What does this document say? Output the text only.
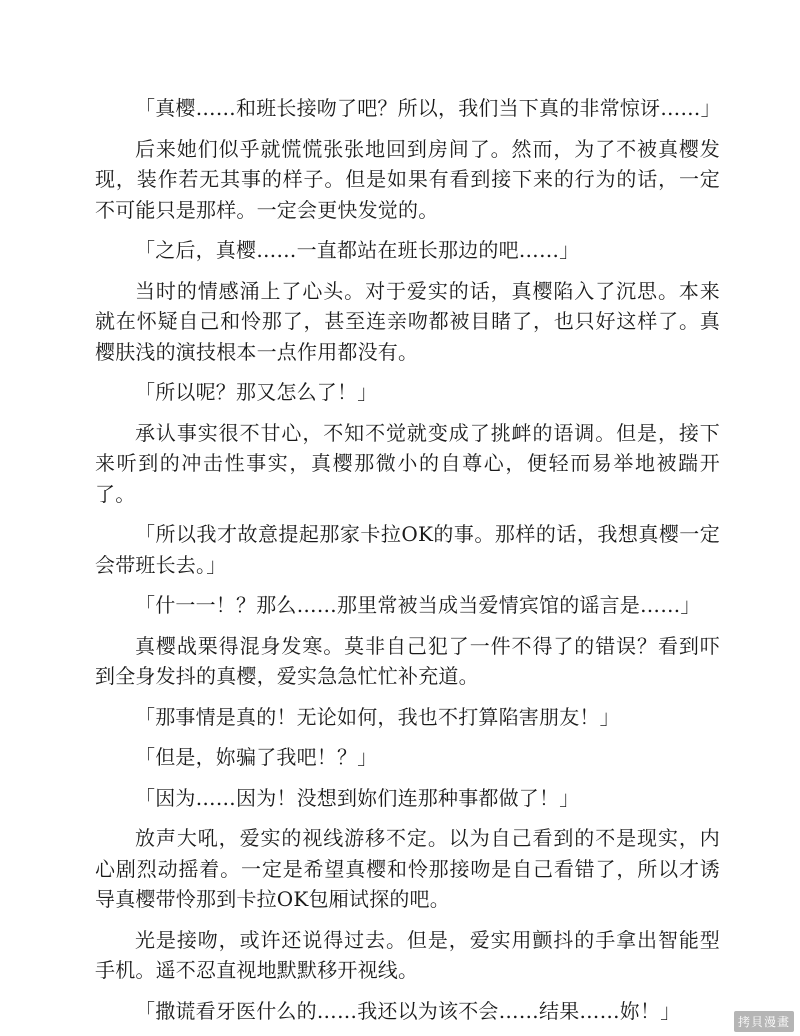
「真樱……和班长接吻了吧？所以，我们当下真的非常惊讶……」

后来她们似乎就慌慌张张地回到房间了。然而，为了不被真樱发现，装作若无其事的样子。但是如果有看到接下来的行为的话，一定不可能只是那样。一定会更快发觉的。

「之后，真樱……一直都站在班长那边的吧……」

当时的情感涌上了心头。对于爱实的话，真樱陷入了沉思。本来就在怀疑自己和怜那了，甚至连亲吻都被目睹了，也只好这样了。真樱肤浅的演技根本一点作用都没有。

「所以呢？那又怎么了！」

承认事实很不甘心，不知不觉就变成了挑衅的语调。但是，接下来听到的冲击性事实，真樱那微小的自尊心，便轻而易举地被踹开了。

「所以我才故意提起那家卡拉OK的事。那样的话，我想真樱一定会带班长去。」

「什一一！？那么……那里常被当成当爱情宾馆的谣言是……」

真樱战栗得混身发寒。莫非自己犯了一件不得了的错误？看到吓到全身发抖的真樱，爱实急急忙忙补充道。

「那事情是真的！无论如何，我也不打算陷害朋友！」

「但是，妳骗了我吧！？」

「因为……因为！没想到妳们连那种事都做了！」

放声大吼，爱实的视线游移不定。以为自己看到的不是现实，内心剧烈动摇着。一定是希望真樱和怜那接吻是自己看错了，所以才诱导真樱带怜那到卡拉OK包厢试探的吧。

光是接吻，或许还说得过去。但是，爱实用颤抖的手拿出智能型手机。遥不忍直视地默默移开视线。

「撒谎看牙医什么的……我还以为该不会……结果……妳！」	拷貝漫畫
